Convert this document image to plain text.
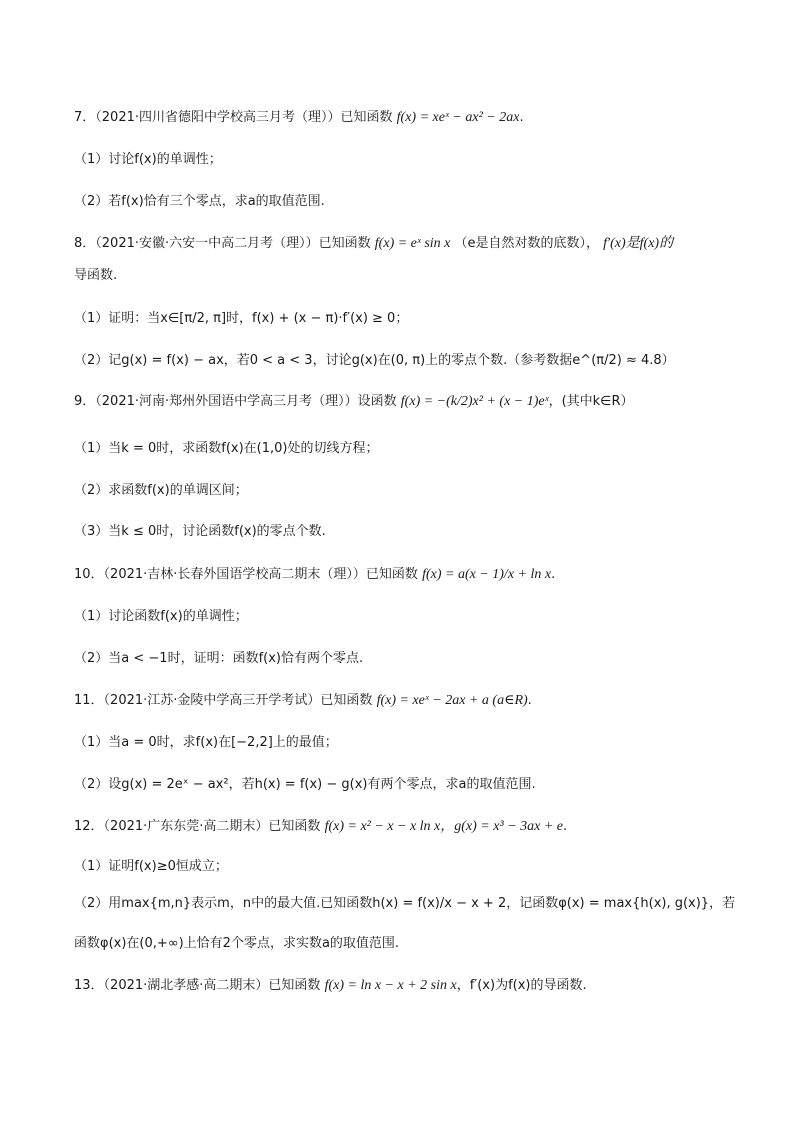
7．（2021·四川省德阳中学校高三月考（理））已知函数 f(x) = xeˣ − ax² − 2ax.
（1）讨论f(x)的单调性；
（2）若f(x)恰有三个零点，求a的取值范围.
8．（2021·安徽·六安一中高二月考（理））已知函数 f(x) = eˣ sin x （e是自然对数的底数）， f′(x)是f(x)的
导函数.
（1）证明：当x∈[π/2, π]时，f(x) + (x − π)·f′(x) ≥ 0；
（2）记g(x) = f(x) − ax，若0 < a < 3，讨论g(x)在(0, π)上的零点个数.（参考数据e^(π/2) ≈ 4.8）
9．（2021·河南·郑州外国语中学高三月考（理））设函数 f(x) = −(k/2)x² + (x − 1)eˣ，(其中k∈R）
（1）当k = 0时，求函数f(x)在(1,0)处的切线方程；
（2）求函数f(x)的单调区间；
（3）当k ≤ 0时，讨论函数f(x)的零点个数.
10．（2021·吉林·长春外国语学校高二期末（理））已知函数 f(x) = a(x − 1)/x + ln x.
（1）讨论函数f(x)的单调性；
（2）当a < −1时，证明：函数f(x)恰有两个零点.
11．（2021·江苏·金陵中学高三开学考试）已知函数 f(x) = xeˣ − 2ax + a (a∈R).
（1）当a = 0时，求f(x)在[−2,2]上的最值；
（2）设g(x) = 2eˣ − ax²，若h(x) = f(x) − g(x)有两个零点，求a的取值范围.
12．（2021·广东东莞·高二期末）已知函数 f(x) = x² − x − x ln x，g(x) = x³ − 3ax + e.
（1）证明f(x)≥0恒成立；
（2）用max{m,n}表示m，n中的最大值.已知函数h(x) = f(x)/x − x + 2，记函数φ(x) = max{h(x), g(x)}，若
函数φ(x)在(0,+∞)上恰有2个零点，求实数a的取值范围.
13．（2021·湖北孝感·高二期末）已知函数 f(x) = ln x − x + 2 sin x，f′(x)为f(x)的导函数.
